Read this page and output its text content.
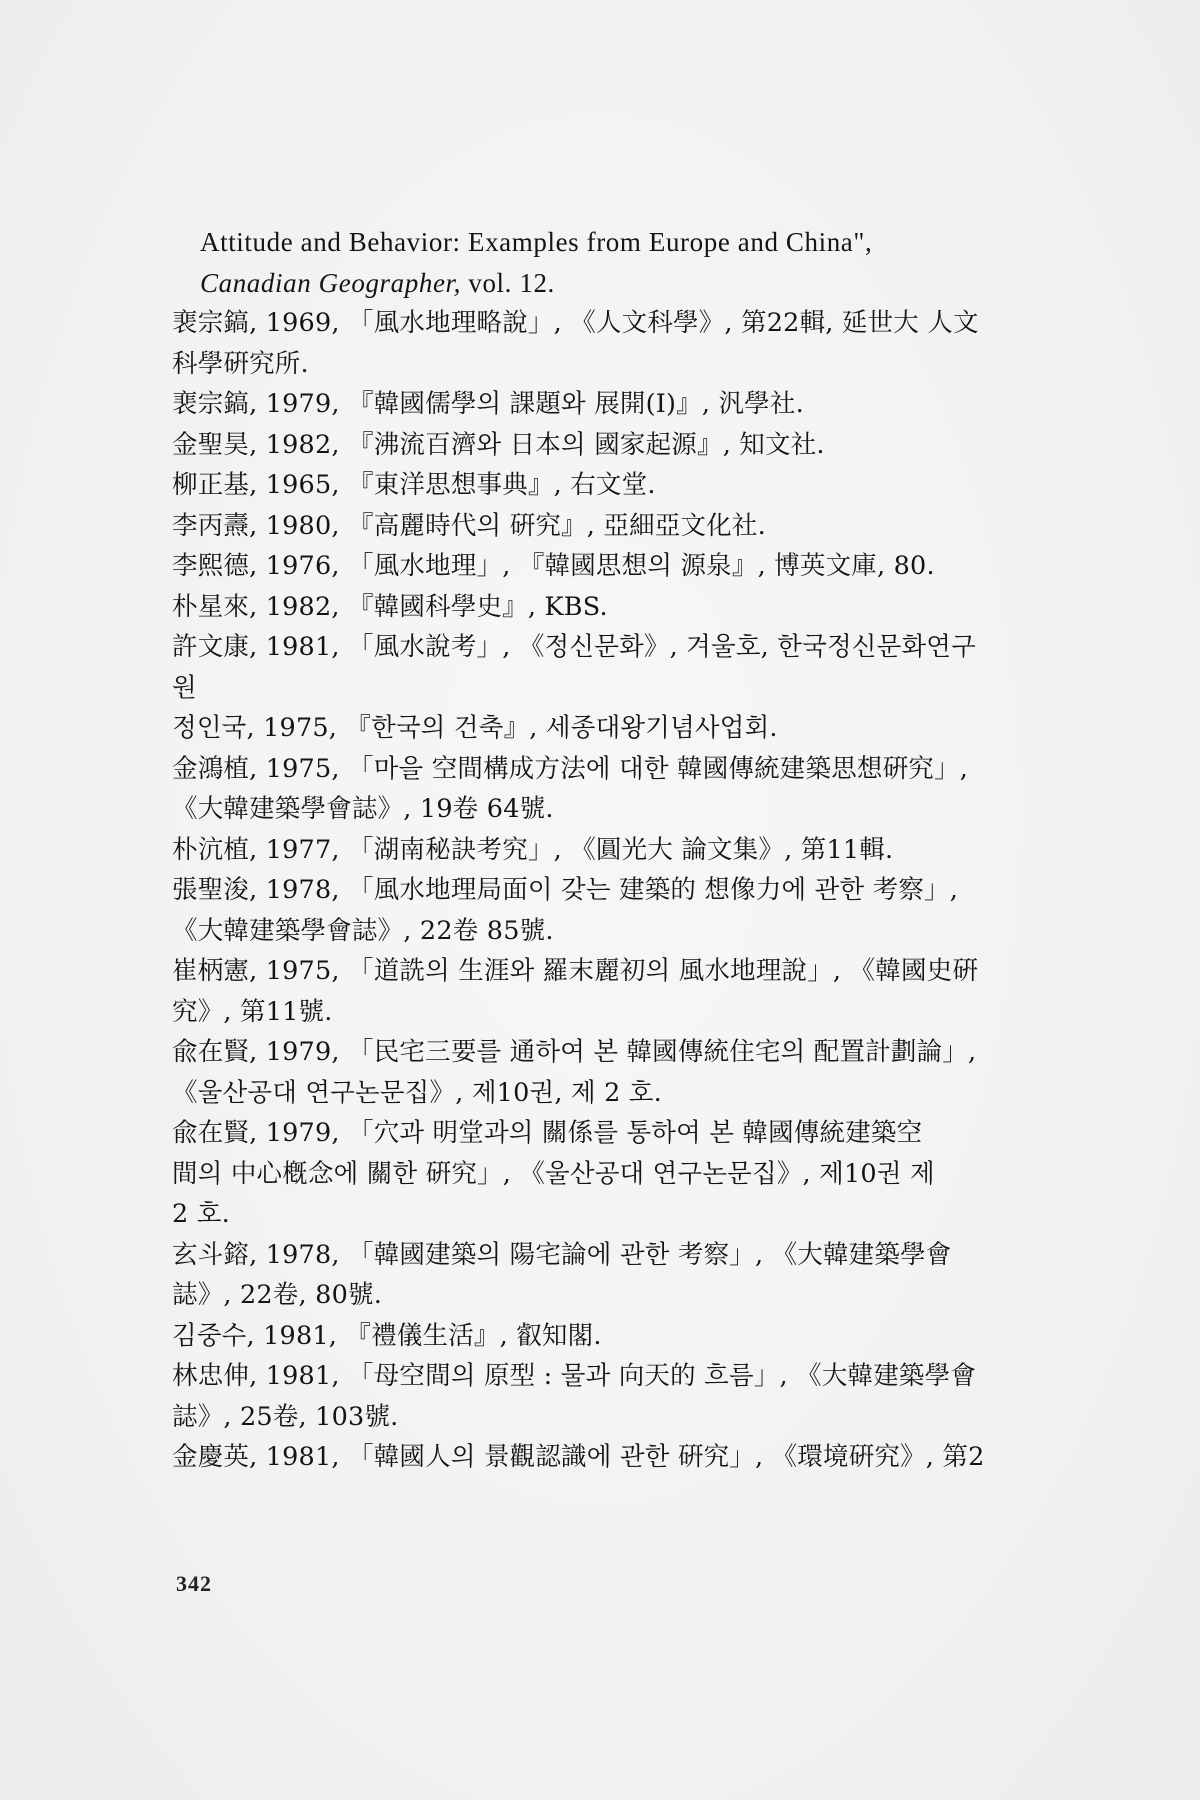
Attitude and Behavior: Examples from Europe and China",
Canadian Geographer, vol. 12.
裵宗鎬, 1969, 「風水地理略說」, 《人文科學》, 第22輯, 延世大 人文
科學硏究所.
裵宗鎬, 1979, 『韓國儒學의 課題와 展開(Ⅰ)』, 汎學社.
金聖昊, 1982, 『沸流百濟와 日本의 國家起源』, 知文社.
柳正基, 1965, 『東洋思想事典』, 右文堂.
李丙燾, 1980, 『高麗時代의 硏究』, 亞細亞文化社.
李熙德, 1976, 「風水地理」, 『韓國思想의 源泉』, 博英文庫, 80.
朴星來, 1982, 『韓國科學史』, KBS.
許文康, 1981, 「風水說考」, 《정신문화》, 겨울호, 한국정신문화연구
원
정인국, 1975, 『한국의 건축』, 세종대왕기념사업회.
金鴻植, 1975, 「마을 空間構成方法에 대한 韓國傳統建築思想硏究」,
《大韓建築學會誌》, 19卷 64號.
朴沆植, 1977, 「湖南秘訣考究」, 《圓光大 論文集》, 第11輯.
張聖浚, 1978, 「風水地理局面이 갖는 建築的 想像力에 관한 考察」,
《大韓建築學會誌》, 22卷 85號.
崔柄憲, 1975, 「道詵의 生涯와 羅末麗初의 風水地理說」, 《韓國史硏
究》, 第11號.
兪在賢, 1979, 「民宅三要를 通하여 본 韓國傳統住宅의 配置計劃論」,
《울산공대 연구논문집》, 제10권, 제 2 호.
兪在賢, 1979, 「穴과 明堂과의 關係를 통하여 본 韓國傳統建築空
間의 中心槪念에 關한 硏究」, 《울산공대 연구논문집》, 제10권 제
2 호.
玄斗鎔, 1978, 「韓國建築의 陽宅論에 관한 考察」, 《大韓建築學會
誌》, 22卷, 80號.
김중수, 1981, 『禮儀生活』, 叡知閣.
林忠伸, 1981, 「母空間의 原型 : 물과 向天的 흐름」, 《大韓建築學會
誌》, 25卷, 103號.
金慶英, 1981, 「韓國人의 景觀認識에 관한 硏究」, 《環境硏究》, 第2
342
